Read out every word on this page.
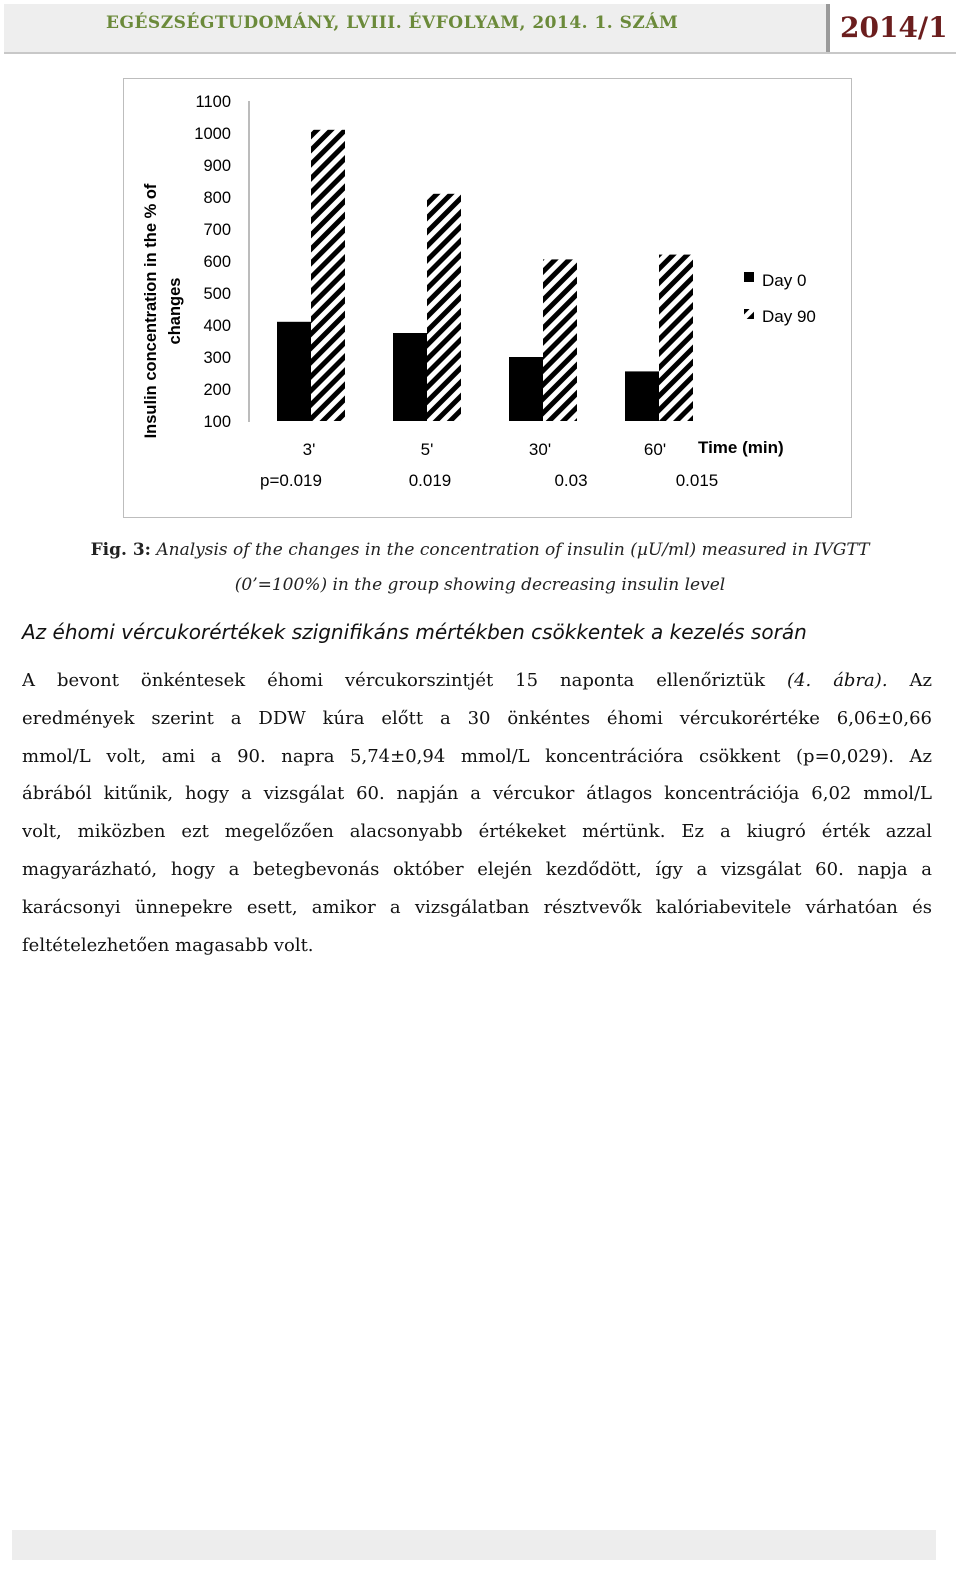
EGÉSZSÉGTUDOMÁNY, LVIII. ÉVFOLYAM, 2014. 1. SZÁM	2014/1
1100
1000
900
800
700
600
500
400
300
200
100
3'	5'	30'	60'
p=0.019	0.019	0.03	0.015
Insulin concentration in the % of changes
Time (min)
Day 0
Day 90
Fig. 3: Analysis of the changes in the concentration of insulin (µU/ml) measured in IVGTT
(0’=100%) in the group showing decreasing insulin level
Az éhomi vércukorértékek szignifikáns mértékben csökkentek a kezelés során
A bevont önkéntesek éhomi vércukorszintjét 15 naponta ellenőriztük (4. ábra). Az
eredmények szerint a DDW kúra előtt a 30 önkéntes éhomi vércukorértéke 6,06±0,66
mmol/L volt, ami a 90. napra 5,74±0,94 mmol/L koncentrációra csökkent (p=0,029). Az
ábrából kitűnik, hogy a vizsgálat 60. napján a vércukor átlagos koncentrációja 6,02 mmol/L
volt, miközben ezt megelőzően alacsonyabb értékeket mértünk. Ez a kiugró érték azzal
magyarázható, hogy a betegbevonás október elején kezdődött, így a vizsgálat 60. napja a
karácsonyi ünnepekre esett, amikor a vizsgálatban résztvevők kalóriabevitele várhatóan és
feltételezhetően magasabb volt.
